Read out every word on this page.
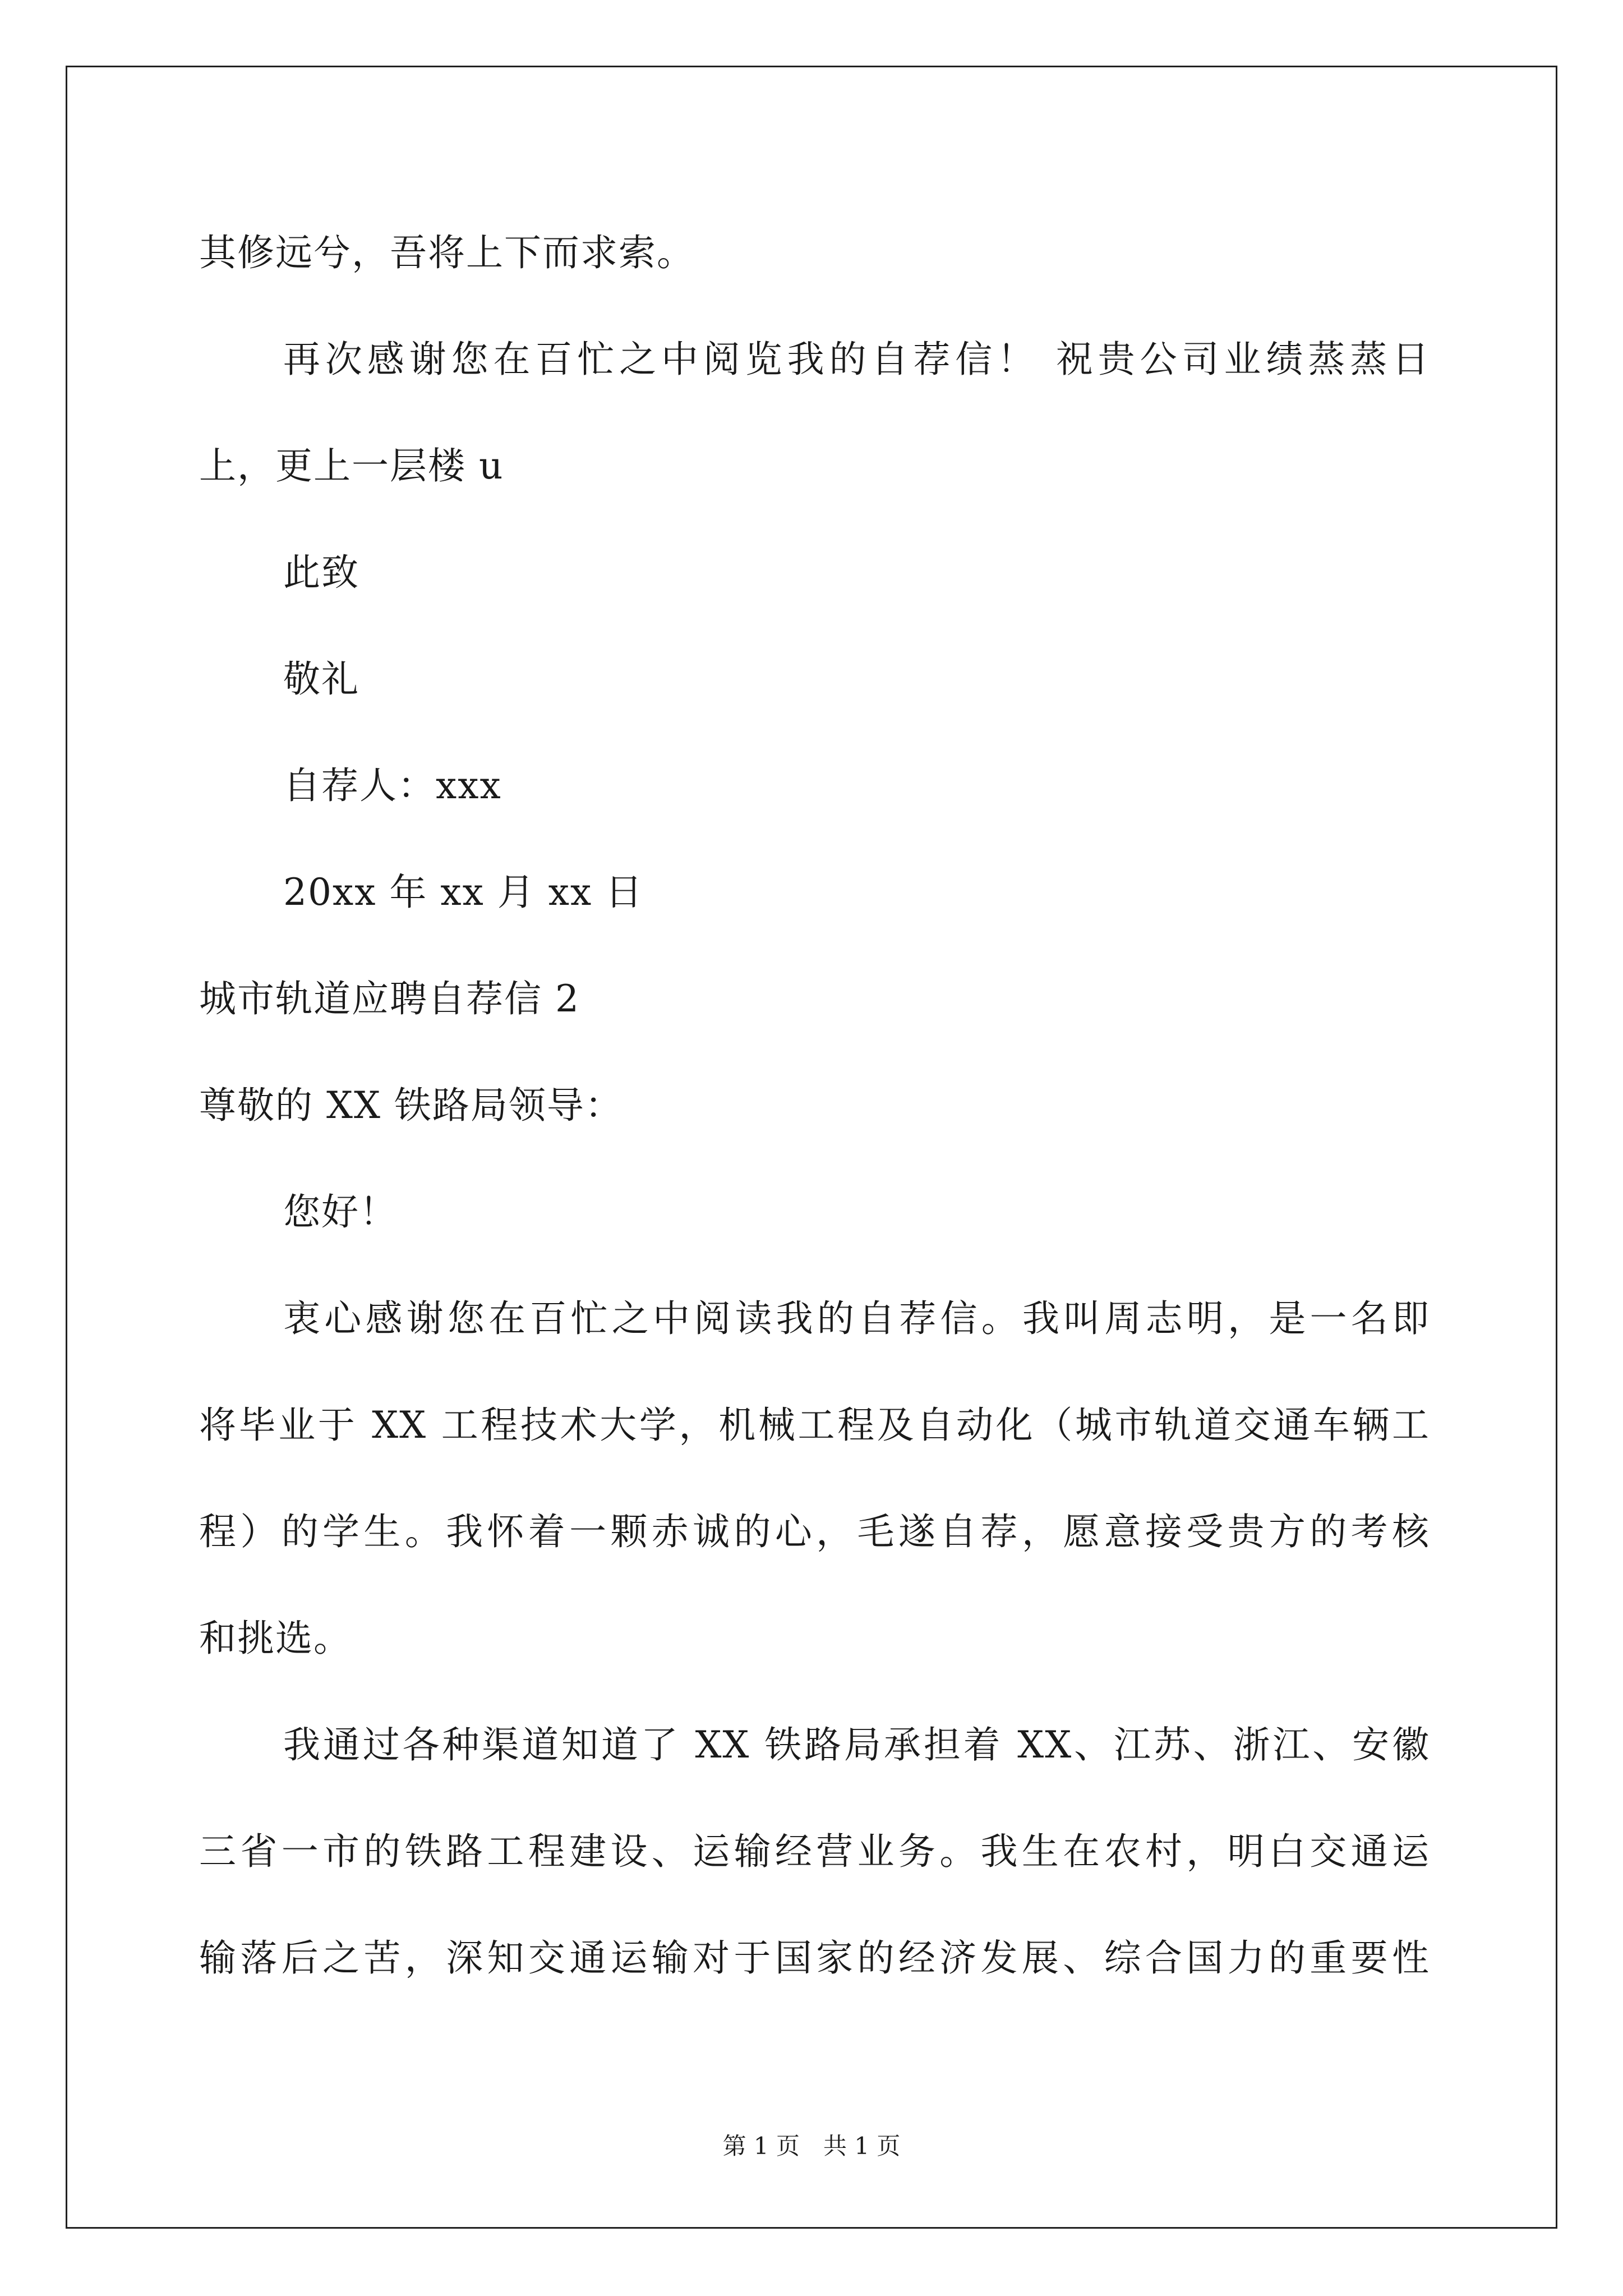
其修远兮，吾将上下而求索。
再次感谢您在百忙之中阅览我的自荐信！ 祝贵公司业绩蒸蒸日
上，更上一层楼 u
此致
敬礼
自荐人：xxx
20xx 年 xx 月 xx 日
城市轨道应聘自荐信 2
尊敬的 XX 铁路局领导：
您好！
衷心感谢您在百忙之中阅读我的自荐信。我叫周志明，是一名即
将毕业于 XX 工程技术大学，机械工程及自动化（城市轨道交通车辆工
程）的学生。我怀着一颗赤诚的心，毛遂自荐，愿意接受贵方的考核
和挑选。
我通过各种渠道知道了 XX 铁路局承担着 XX、江苏、浙江、安徽
三省一市的铁路工程建设、运输经营业务。我生在农村，明白交通运
输落后之苦，深知交通运输对于国家的经济发展、综合国力的重要性
第 1 页　共 1 页
